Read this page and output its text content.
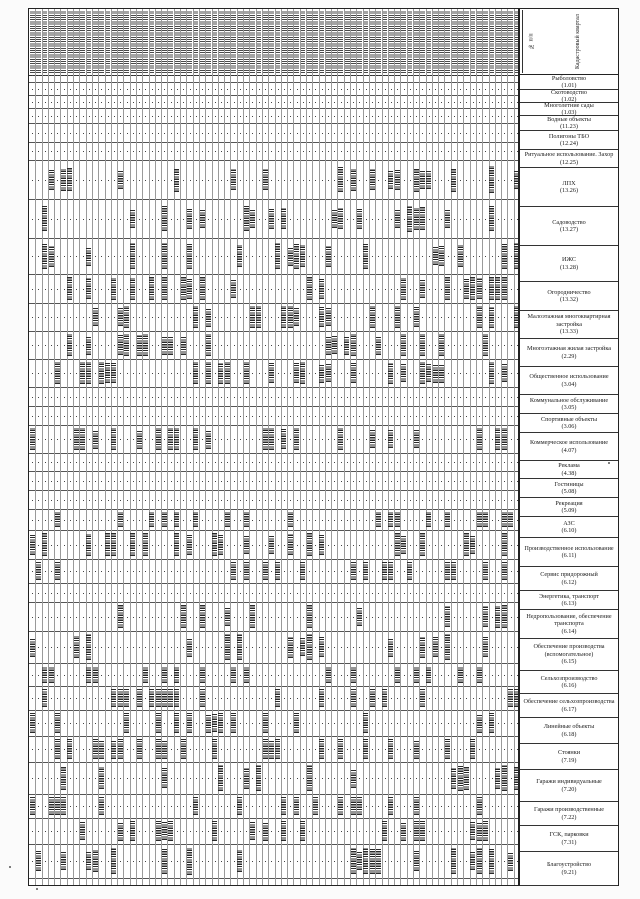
№ п/п	Кадастровый квартал
Рыболовство
(1.01)
Скотоводство
(1.02)
Многолетние сады
(1.03)
Водные объекты
(11.23)
Полигоны ТБО
(12.24)
Ритуальное использование. Захор
(12.25)
ЛПХ
(13.26)
Садоводство
(13.27)
ИЖС
(13.28)
Огородничество
(13.32)
Малоэтажная многоквартирная застройка
(13.33)
Многоэтажная жилая застройка
(2.29)
Общественное использование
(3.04)
Коммунальное обслуживание
(3.05)
Спортивные объекты
(3.06)
Коммерческое использование
(4.07)
Реклама
(4.38)
Гостиницы
(5.08)
Рекреация
(5.09)
АЗС
(6.10)
Производственное использование
(6.11)
Сервис придорожный
(6.12)
Энергетика, транспорт
(6.13)
Недропользование, обеспечение транспорта
(6.14)
Обеспечение производства (вспомогательное)
(6.15)
Сельхозпроизводство
(6.16)
Обеспечение сельхозпроизводства
(6.17)
Линейные объекты
(6.18)
Стоянки
(7.19)
Гаражи индивидуальные
(7.20)
Гаражи производственные
(7.22)
ГСК, парковки
(7.31)
Благоустройство
(9.21)
